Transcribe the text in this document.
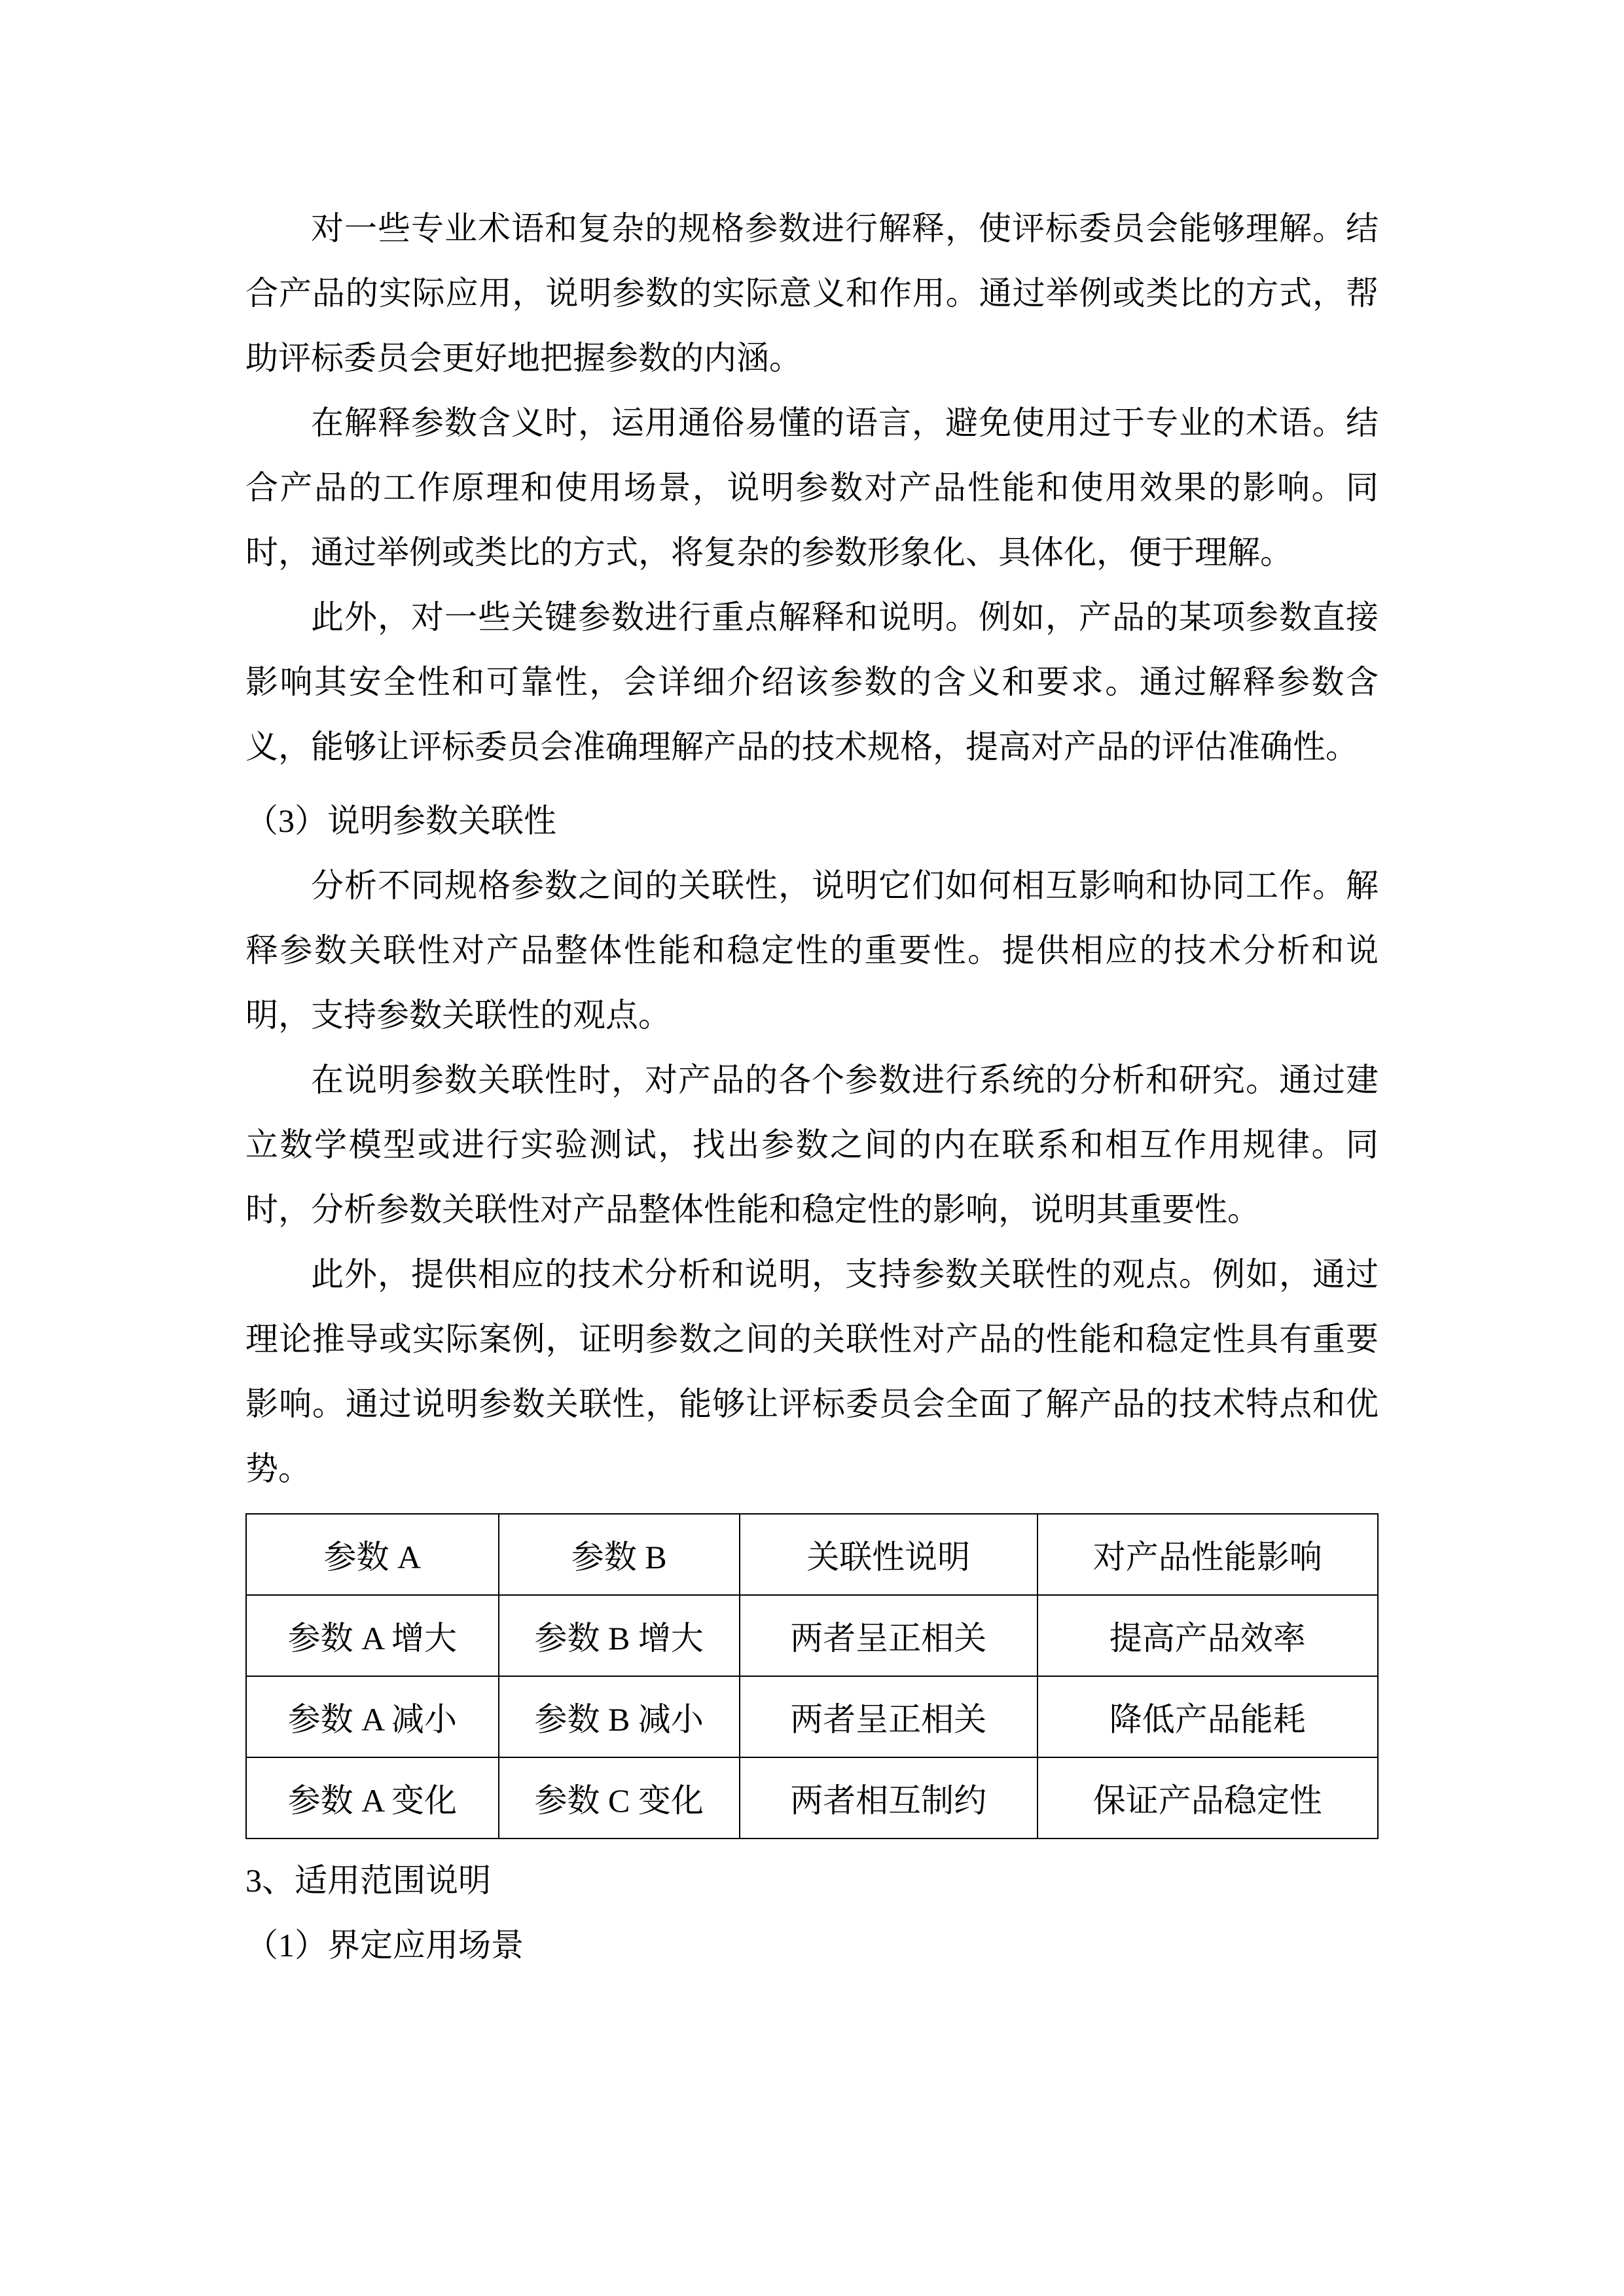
对一些专业术语和复杂的规格参数进行解释，使评标委员会能够理解。结合产品的实际应用，说明参数的实际意义和作用。通过举例或类比的方式，帮助评标委员会更好地把握参数的内涵。

在解释参数含义时，运用通俗易懂的语言，避免使用过于专业的术语。结合产品的工作原理和使用场景，说明参数对产品性能和使用效果的影响。同时，通过举例或类比的方式，将复杂的参数形象化、具体化，便于理解。

此外，对一些关键参数进行重点解释和说明。例如，产品的某项参数直接影响其安全性和可靠性，会详细介绍该参数的含义和要求。通过解释参数含义，能够让评标委员会准确理解产品的技术规格，提高对产品的评估准确性。

（3）说明参数关联性

分析不同规格参数之间的关联性，说明它们如何相互影响和协同工作。解释参数关联性对产品整体性能和稳定性的重要性。提供相应的技术分析和说明，支持参数关联性的观点。

在说明参数关联性时，对产品的各个参数进行系统的分析和研究。通过建立数学模型或进行实验测试，找出参数之间的内在联系和相互作用规律。同时，分析参数关联性对产品整体性能和稳定性的影响，说明其重要性。

此外，提供相应的技术分析和说明，支持参数关联性的观点。例如，通过理论推导或实际案例，证明参数之间的关联性对产品的性能和稳定性具有重要影响。通过说明参数关联性，能够让评标委员会全面了解产品的技术特点和优势。

参数 A	参数 B	关联性说明	对产品性能影响
参数 A 增大	参数 B 增大	两者呈正相关	提高产品效率
参数 A 减小	参数 B 减小	两者呈正相关	降低产品能耗
参数 A 变化	参数 C 变化	两者相互制约	保证产品稳定性

3、适用范围说明

（1）界定应用场景
